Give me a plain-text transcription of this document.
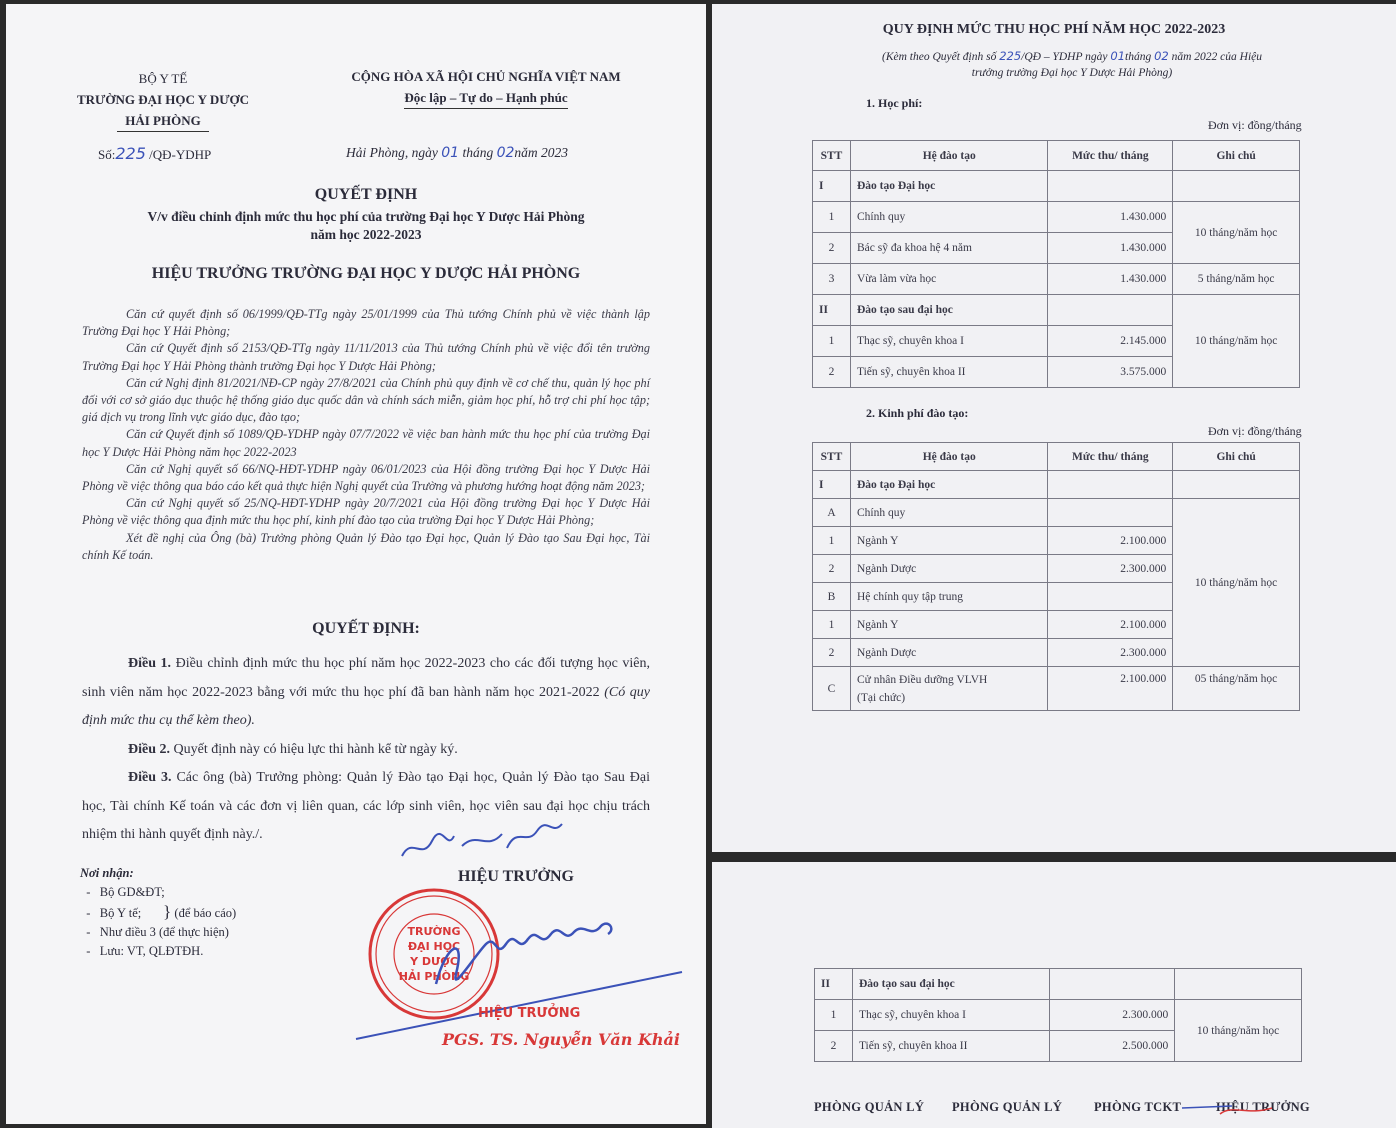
BỘ Y TẾ
TRƯỜNG ĐẠI HỌC Y DƯỢC
HẢI PHÒNG
CỘNG HÒA XÃ HỘI CHỦ NGHĨA VIỆT NAM
Độc lập – Tự do – Hạnh phúc
Số:225 /QĐ-YDHP	Hải Phòng, ngày 01 tháng 02năm 2023
QUYẾT ĐỊNH
V/v điều chỉnh định mức thu học phí của trường Đại học Y Dược Hải Phòng
năm học 2022-2023
HIỆU TRƯỞNG TRƯỜNG ĐẠI HỌC Y DƯỢC HẢI PHÒNG

Căn cứ quyết định số 06/1999/QĐ-TTg ngày 25/01/1999 của Thủ tướng Chính phủ về việc thành lập Trường Đại học Y Hải Phòng;

Căn cứ Quyết định số 2153/QĐ-TTg ngày 11/11/2013 của Thủ tướng Chính phủ về việc đổi tên trường Trường Đại học Y Hải Phòng thành trường Đại học Y Dược Hải Phòng;

Căn cứ Nghị định 81/2021/NĐ-CP ngày 27/8/2021 của Chính phủ quy định về cơ chế thu, quản lý học phí đối với cơ sở giáo dục thuộc hệ thống giáo dục quốc dân và chính sách miễn, giảm học phí, hỗ trợ chi phí học tập; giá dịch vụ trong lĩnh vực giáo dục, đào tạo;

Căn cứ Quyết định số 1089/QĐ-YDHP ngày 07/7/2022 về việc ban hành mức thu học phí của trường Đại học Y Dược Hải Phòng năm học 2022-2023

Căn cứ Nghị quyết số 66/NQ-HĐT-YDHP ngày 06/01/2023 của Hội đồng trường Đại học Y Dược Hải Phòng về việc thông qua báo cáo kết quả thực hiện Nghị quyết của Trường và phương hướng hoạt động năm 2023;

Căn cứ Nghị quyết số 25/NQ-HĐT-YDHP ngày 20/7/2021 của Hội đồng trường Đại học Y Dược Hải Phòng về việc thông qua định mức thu học phí, kinh phí đào tạo của trường Đại học Y Dược Hải Phòng;

Xét đề nghị của Ông (bà) Trưởng phòng Quản lý Đào tạo Đại học, Quản lý Đào tạo Sau Đại học, Tài chính Kế toán.

QUYẾT ĐỊNH:

Điều 1. Điều chỉnh định mức thu học phí năm học 2022-2023 cho các đối tượng học viên, sinh viên năm học 2022-2023 bằng với mức thu học phí đã ban hành năm học 2021-2022 (Có quy định mức thu cụ thể kèm theo).

Điều 2. Quyết định này có hiệu lực thi hành kể từ ngày ký.

Điều 3. Các ông (bà) Trưởng phòng: Quản lý Đào tạo Đại học, Quản lý Đào tạo Sau Đại học, Tài chính Kế toán và các đơn vị liên quan, các lớp sinh viên, học viên sau đại học chịu trách nhiệm thi hành quyết định này./.

Nơi nhận:
-   Bộ GD&ĐT;
-   Bộ Y tế; } (để báo cáo)
-   Như điều 3 (để thực hiện)
-   Lưu: VT, QLĐTĐH.
HIỆU TRƯỞNG
TRƯỜNG
ĐẠI HỌC
Y DƯỢC
HẢI PHÒNG
HIỆU TRƯỞNG
PGS. TS. Nguyễn Văn Khải
QUY ĐỊNH MỨC THU HỌC PHÍ NĂM HỌC 2022-2023
(Kèm theo Quyết định số 225/QĐ – YDHP ngày 01tháng 02 năm 2022 của Hiệu
trưởng trường Đại học Y Dược Hải Phòng)
1. Học phí:
Đơn vị: đồng/tháng
STT	Hệ đào tạo	Mức thu/ tháng	Ghi chú
I	Đào tạo Đại học		
1	Chính quy	1.430.000	10 tháng/năm học
2	Bác sỹ đa khoa hệ 4 năm	1.430.000	
3	Vừa làm vừa học	1.430.000	5 tháng/năm học
II	Đào tạo sau đại học		10 tháng/năm học
1	Thạc sỹ, chuyên khoa I	2.145.000	
2	Tiến sỹ, chuyên khoa II	3.575.000	
2. Kinh phí đào tạo:
Đơn vị: đồng/tháng
STT	Hệ đào tạo	Mức thu/ tháng	Ghi chú
I	Đào tạo Đại học		
A	Chính quy		10 tháng/năm học
1	Ngành Y	2.100.000	
2	Ngành Dược	2.300.000	
B	Hệ chính quy tập trung		
1	Ngành Y	2.100.000	
2	Ngành Dược	2.300.000	
C	Cử nhân Điều dưỡng VLVH
(Tại chức)	2.100.000	05 tháng/năm học
II	Đào tạo sau đại học		
1	Thạc sỹ, chuyên khoa I	2.300.000	10 tháng/năm học
2	Tiến sỹ, chuyên khoa II	2.500.000	
PHÒNG QUẢN LÝ PHÒNG QUẢN LÝ	PHÒNG TCKT	HIỆU TRƯỞNG
